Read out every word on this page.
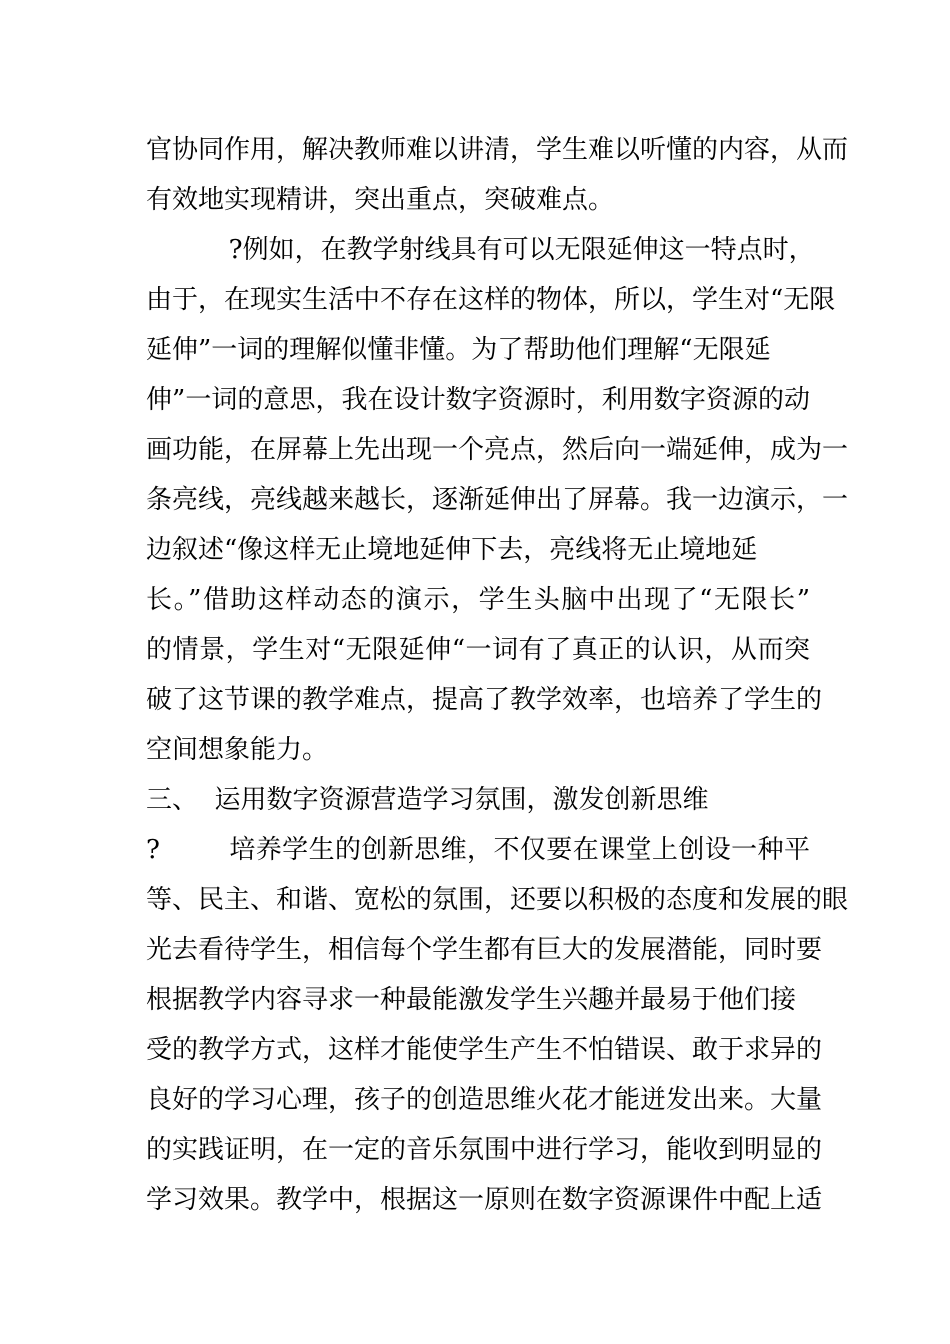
官协同作用，解决教师难以讲清，学生难以听懂的内容，从而
有效地实现精讲，突出重点，突破难点。
?例如，在教学射线具有可以无限延伸这一特点时，
由于，在现实生活中不存在这样的物体，所以，学生对“无限
延伸”一词的理解似懂非懂。为了帮助他们理解“无限延
伸”一词的意思，我在设计数字资源时，利用数字资源的动
画功能，在屏幕上先出现一个亮点，然后向一端延伸，成为一
条亮线，亮线越来越长，逐渐延伸出了屏幕。我一边演示，一
边叙述“像这样无止境地延伸下去，亮线将无止境地延
长。”借助这样动态的演示，学生头脑中出现了“无限长”
的情景，学生对“无限延伸“一词有了真正的认识，从而突
破了这节课的教学难点，提高了教学效率，也培养了学生的
空间想象能力。
三、  运用数字资源营造学习氛围，激发创新思维
?        培养学生的创新思维，不仅要在课堂上创设一种平
等、民主、和谐、宽松的氛围，还要以积极的态度和发展的眼
光去看待学生，相信每个学生都有巨大的发展潜能，同时要
根据教学内容寻求一种最能激发学生兴趣并最易于他们接
受的教学方式，这样才能使学生产生不怕错误、敢于求异的
良好的学习心理，孩子的创造思维火花才能迸发出来。大量
的实践证明，在一定的音乐氛围中进行学习，能收到明显的
学习效果。教学中，根据这一原则在数字资源课件中配上适
